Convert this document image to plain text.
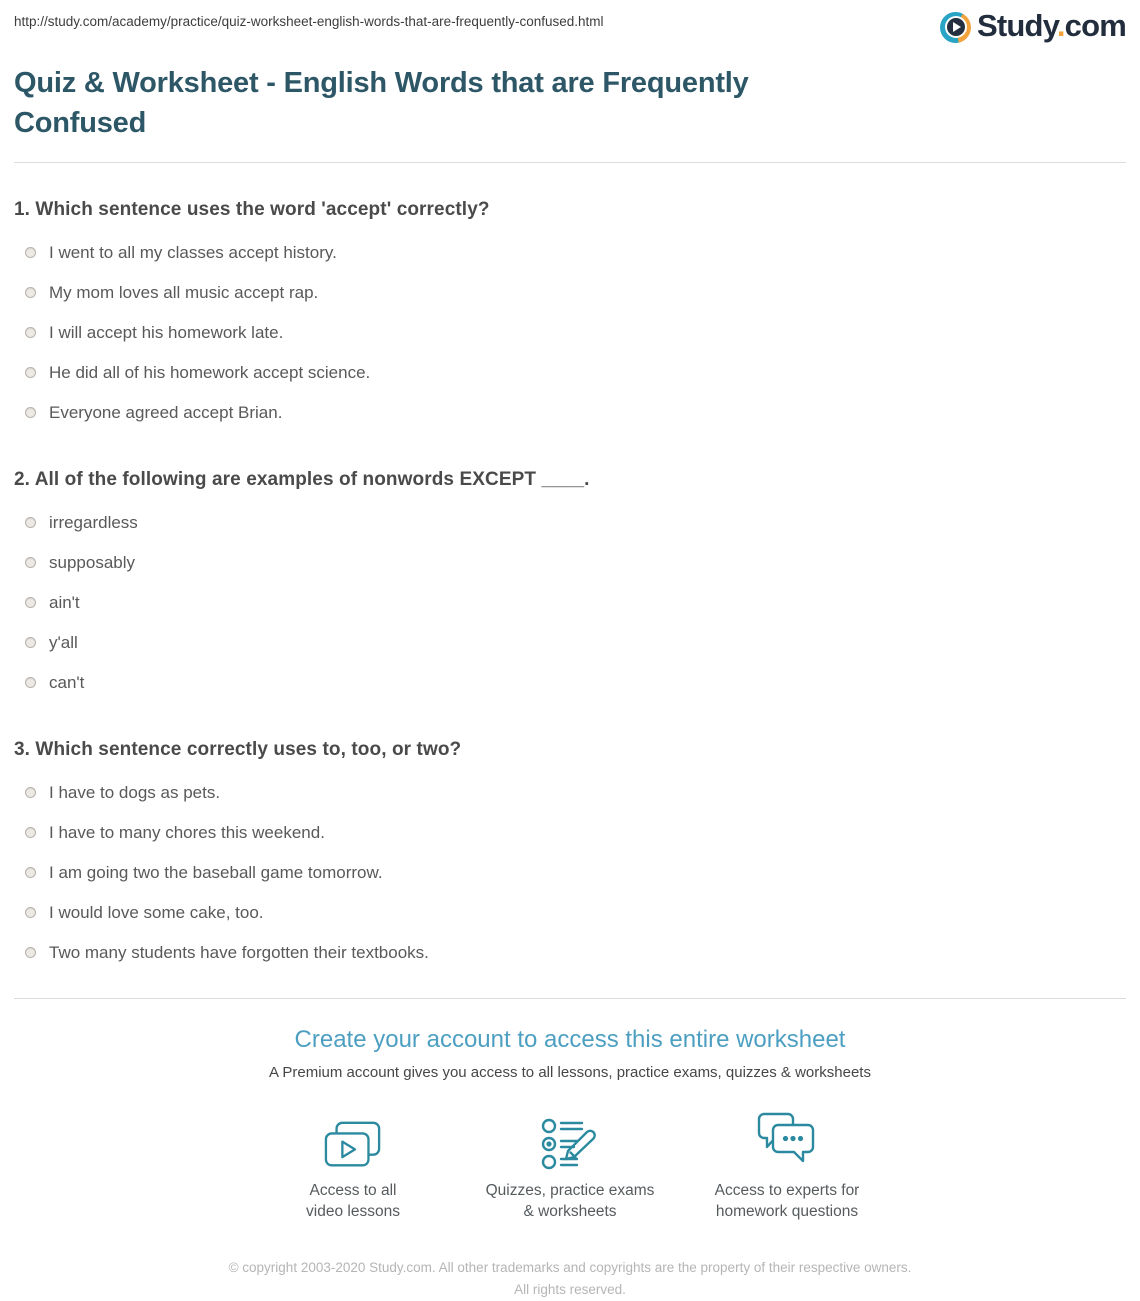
http://study.com/academy/practice/quiz-worksheet-english-words-that-are-frequently-confused.html	Study.com
Quiz & Worksheet - English Words that are Frequently Confused
1. Which sentence uses the word 'accept' correctly?
I went to all my classes accept history.
My mom loves all music accept rap.
I will accept his homework late.
He did all of his homework accept science.
Everyone agreed accept Brian.
2. All of the following are examples of nonwords EXCEPT ____.
irregardless
supposably
ain't
y'all
can't
3. Which sentence correctly uses to, too, or two?
I have to dogs as pets.
I have to many chores this weekend.
I am going two the baseball game tomorrow.
I would love some cake, too.
Two many students have forgotten their textbooks.
Create your account to access this entire worksheet

A Premium account gives you access to all lessons, practice exams, quizzes & worksheets

Access to all
video lessons
Quizzes, practice exams
& worksheets
Access to experts for
homework questions

© copyright 2003-2020 Study.com. All other trademarks and copyrights are the property of their respective owners. All rights reserved.
